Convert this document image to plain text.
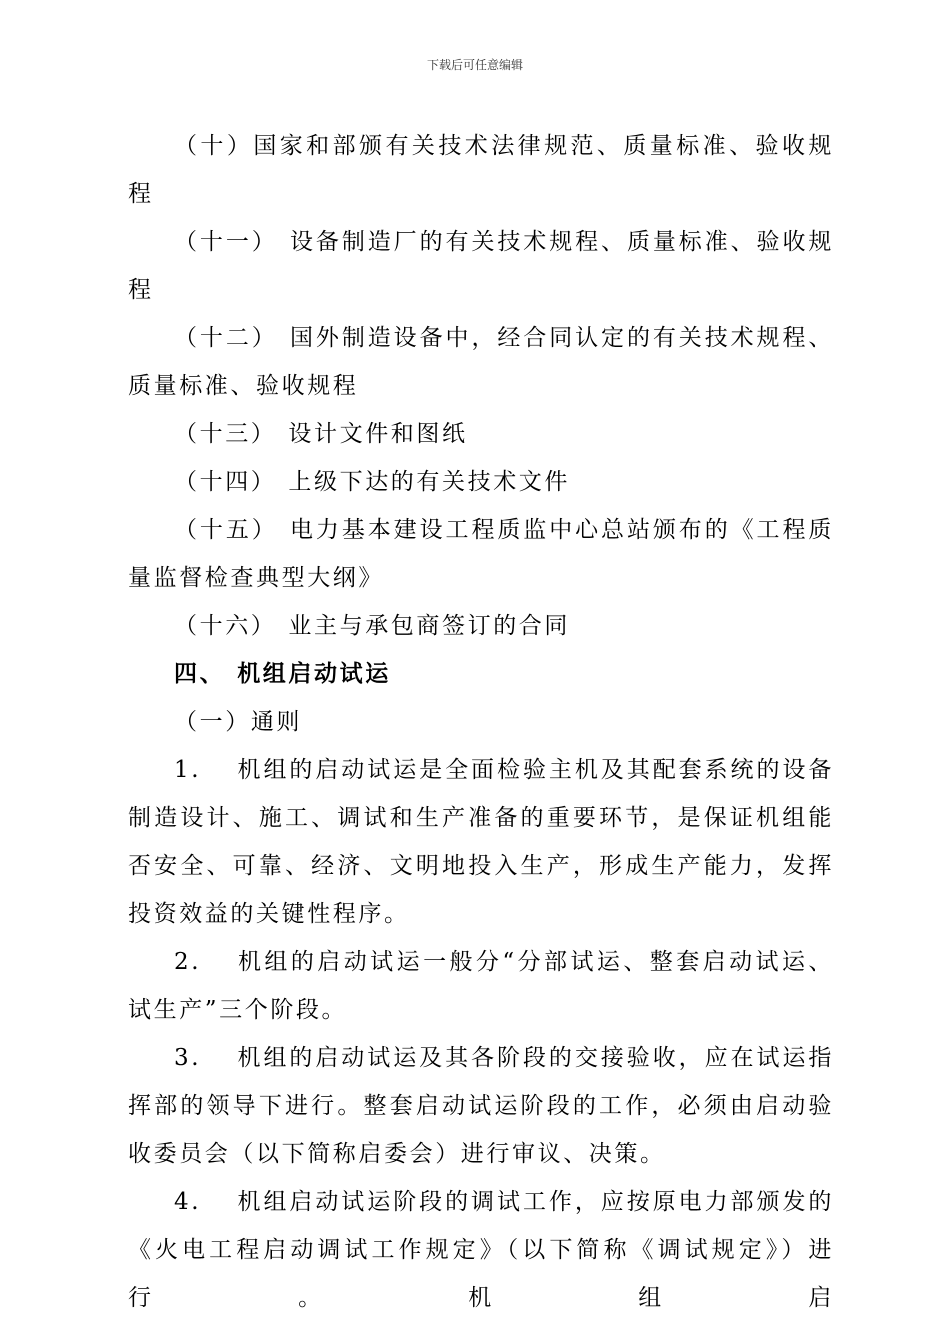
下载后可任意编辑

（十）国家和部颁有关技术法律规范、质量标准、验收规程

（十一） 设备制造厂的有关技术规程、质量标准、验收规程

（十二） 国外制造设备中，经合同认定的有关技术规程、质量标准、验收规程

（十三） 设计文件和图纸

（十四） 上级下达的有关技术文件

（十五） 电力基本建设工程质监中心总站颁布的《工程质量监督检查典型大纲》

（十六） 业主与承包商签订的合同

四、 机组启动试运

（一）通则

1. 机组的启动试运是全面检验主机及其配套系统的设备制造设计、施工、调试和生产准备的重要环节，是保证机组能否安全、可靠、经济、文明地投入生产，形成生产能力，发挥投资效益的关键性程序。

2. 机组的启动试运一般分“分部试运、整套启动试运、试生产”三个阶段。

3. 机组的启动试运及其各阶段的交接验收，应在试运指挥部的领导下进行。整套启动试运阶段的工作，必须由启动验收委员会（以下简称启委会）进行审议、决策。

4. 机组启动试运阶段的调试工作，应按原电力部颁发的《火电工程启动调试工作规定》（以下简称《调试规定》）进行。机组启
